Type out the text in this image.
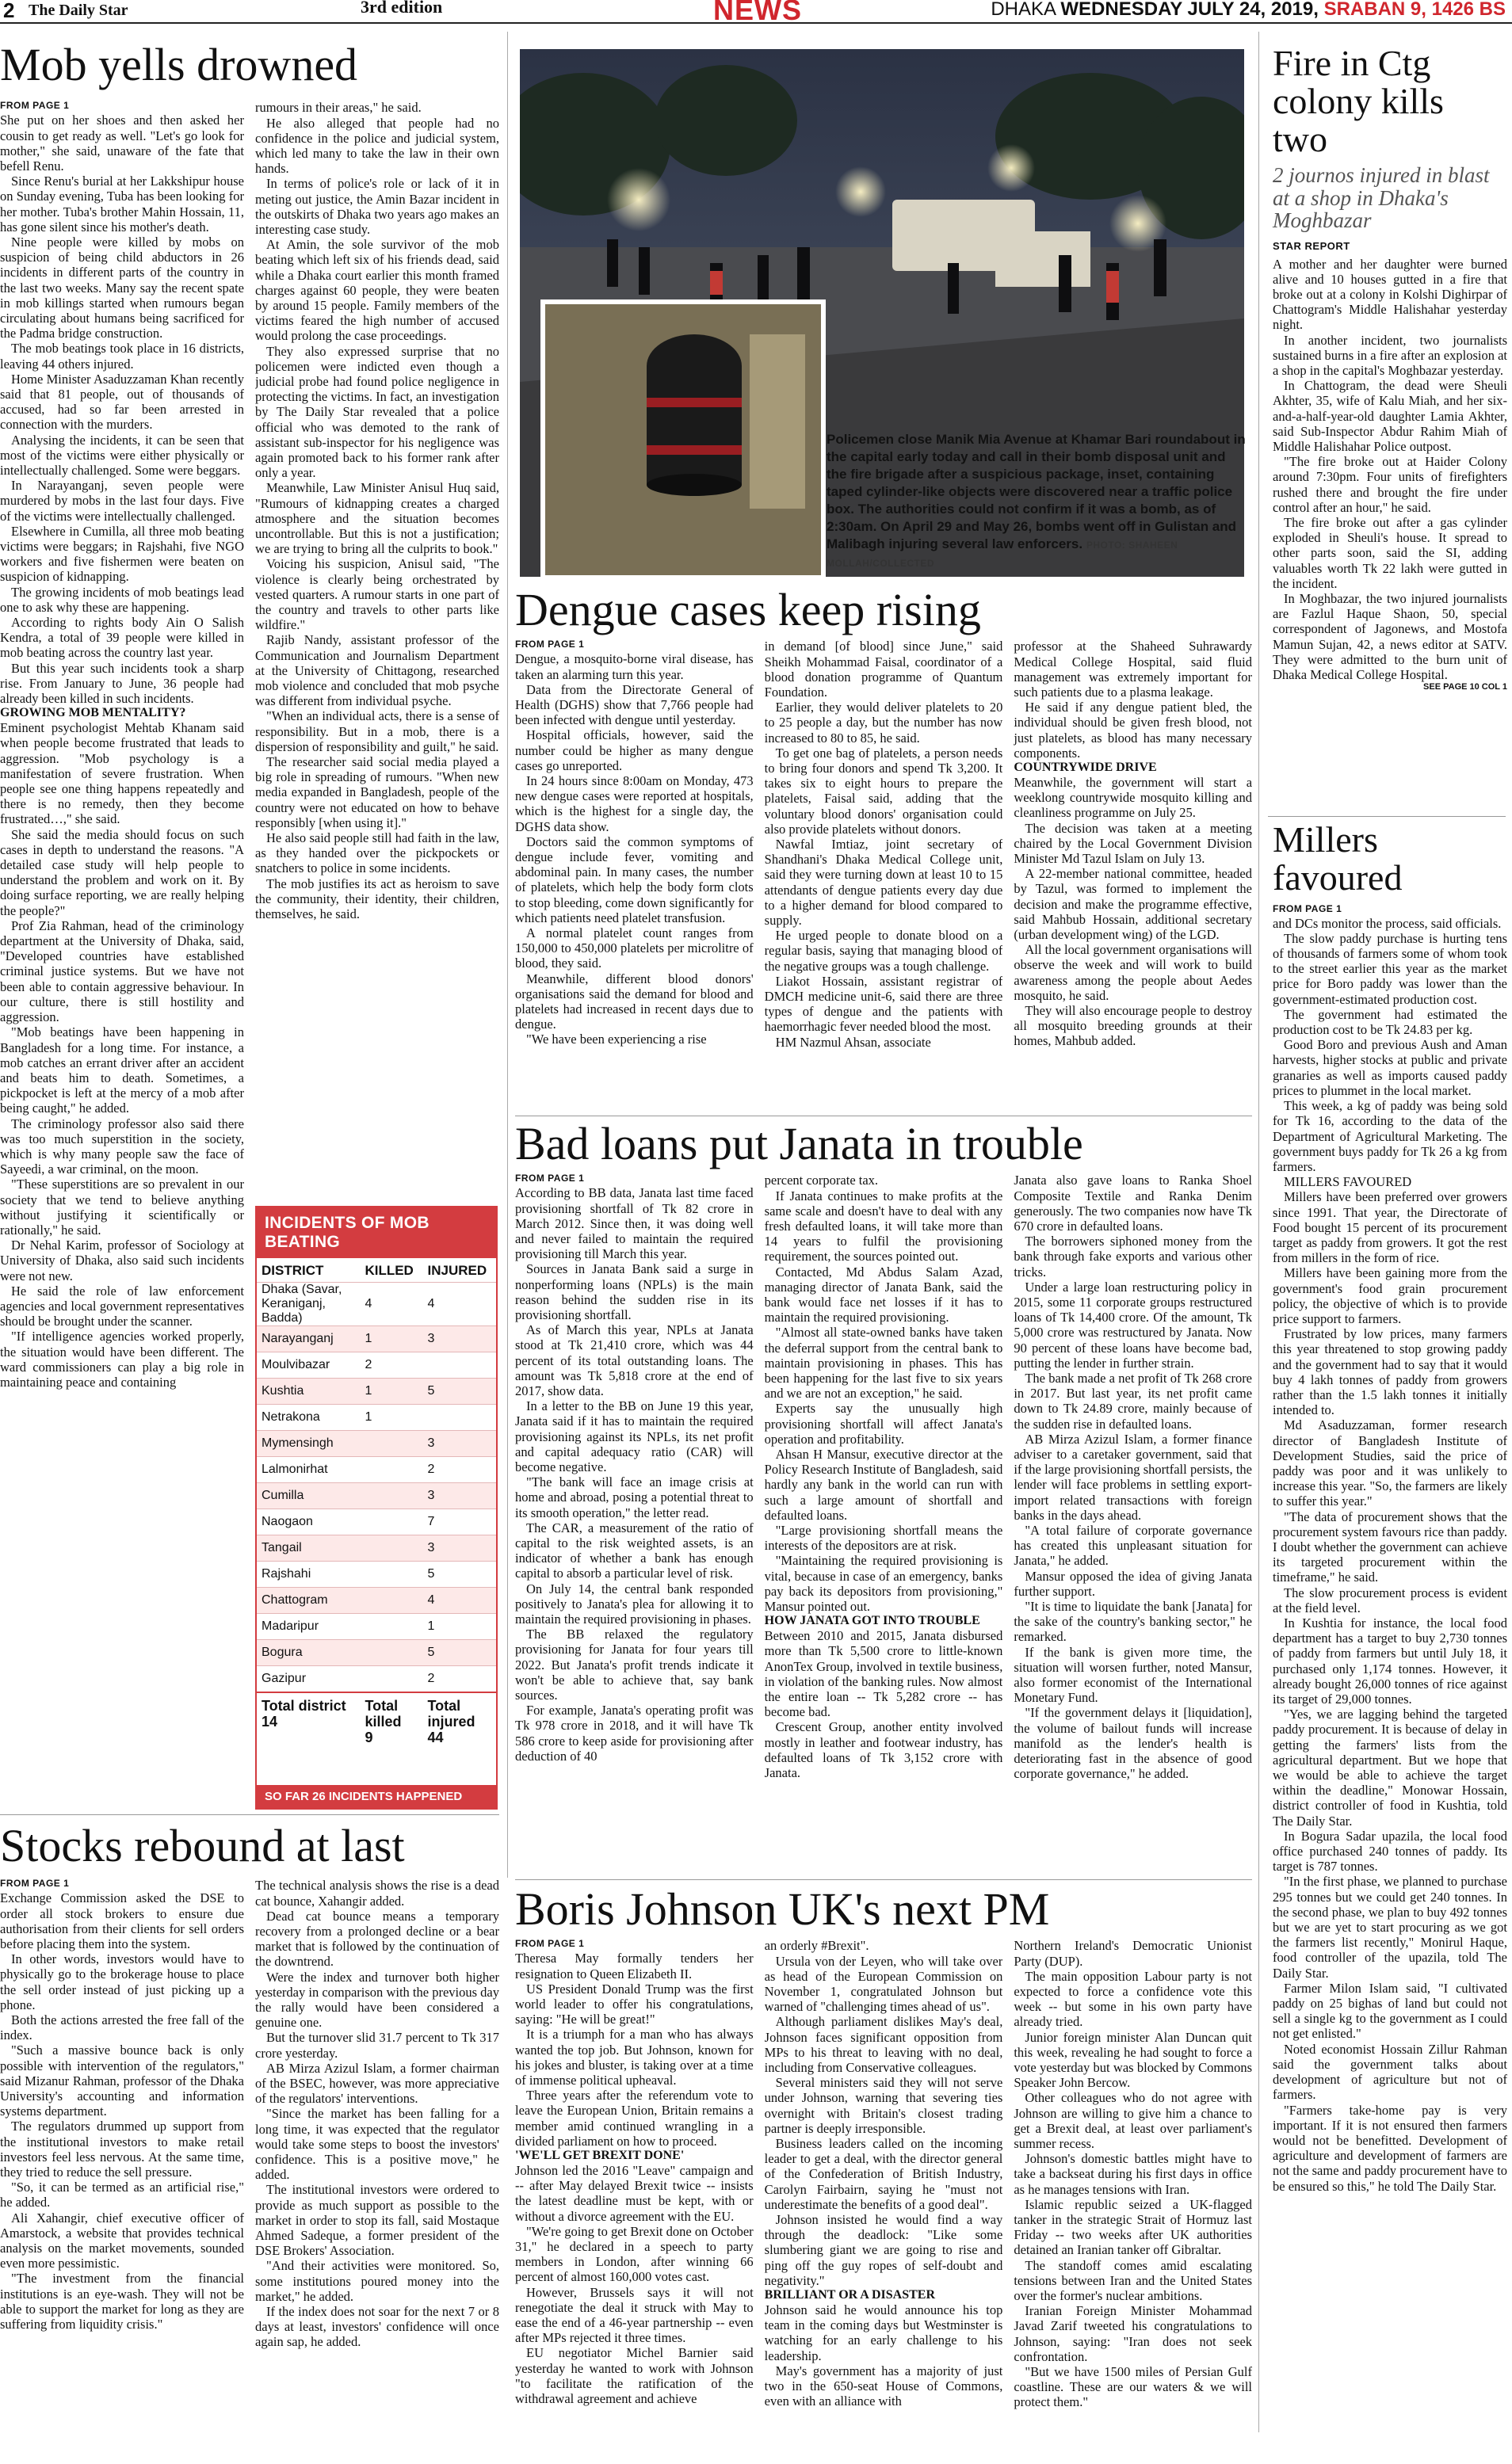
2 The Daily Star	3rd edition	NEWS	DHAKA WEDNESDAY JULY 24, 2019, SRABAN 9, 1426 BS
Mob yells drowned

FROM PAGE 1

She put on her shoes and then asked her cousin to get ready as well. "Let's go look for mother," she said, unaware of the fate that befell Renu.

Since Renu's burial at her Lakkshipur house on Sunday evening, Tuba has been looking for her mother. Tuba's brother Mahin Hossain, 11, has gone silent since his mother's death.

Nine people were killed by mobs on suspicion of being child abductors in 26 incidents in different parts of the country in the last two weeks. Many say the recent spate in mob killings started when rumours began circulating about humans being sacrificed for the Padma bridge construction.

The mob beatings took place in 16 districts, leaving 44 others injured.

Home Minister Asaduzzaman Khan recently said that 81 people, out of thousands of accused, had so far been arrested in connection with the murders.

Analysing the incidents, it can be seen that most of the victims were either physically or intellectually challenged. Some were beggars.

In Narayanganj, seven people were murdered by mobs in the last four days. Five of the victims were intellectually challenged.

Elsewhere in Cumilla, all three mob beating victims were beggars; in Rajshahi, five NGO workers and five fishermen were beaten on suspicion of kidnapping.

The growing incidents of mob beatings lead one to ask why these are happening.

According to rights body Ain O Salish Kendra, a total of 39 people were killed in mob beating across the country last year.

But this year such incidents took a sharp rise. From January to June, 36 people had already been killed in such incidents.

GROWING MOB MENTALITY?

Eminent psychologist Mehtab Khanam said when people become frustrated that leads to aggression. "Mob psychology is a manifestation of severe frustration. When people see one thing happens repeatedly and there is no remedy, then they become frustrated…," she said.

She said the media should focus on such cases in depth to understand the reasons. "A detailed case study will help people to understand the problem and work on it. By doing surface reporting, we are really helping the people?"

Prof Zia Rahman, head of the criminology department at the University of Dhaka, said, "Developed countries have established criminal justice systems. But we have not been able to contain aggressive behaviour. In our culture, there is still hostility and aggression.

"Mob beatings have been happening in Bangladesh for a long time. For instance, a mob catches an errant driver after an accident and beats him to death. Sometimes, a pickpocket is left at the mercy of a mob after being caught," he added.

The criminology professor also said there was too much superstition in the society, which is why many people saw the face of Sayeedi, a war criminal, on the moon.

"These superstitions are so prevalent in our society that we tend to believe anything without justifying it scientifically or rationally," he said.

Dr Nehal Karim, professor of Sociology at University of Dhaka, also said such incidents were not new.

He said the role of law enforcement agencies and local government representatives should be brought under the scanner.

"If intelligence agencies worked properly, the situation would have been different. The ward commissioners can play a big role in maintaining peace and containing

rumours in their areas," he said.

He also alleged that people had no confidence in the police and judicial system, which led many to take the law in their own hands.

In terms of police's role or lack of it in meting out justice, the Amin Bazar incident in the outskirts of Dhaka two years ago makes an interesting case study.

At Amin, the sole survivor of the mob beating which left six of his friends dead, said while a Dhaka court earlier this month framed charges against 60 people, they were beaten by around 15 people. Family members of the victims feared the high number of accused would prolong the case proceedings.

They also expressed surprise that no policemen were indicted even though a judicial probe had found police negligence in protecting the victims. In fact, an investigation by The Daily Star revealed that a police official who was demoted to the rank of assistant sub-inspector for his negligence was again promoted back to his former rank after only a year.

Meanwhile, Law Minister Anisul Huq said, "Rumours of kidnapping creates a charged atmosphere and the situation becomes uncontrollable. But this is not a justification; we are trying to bring all the culprits to book."

Voicing his suspicion, Anisul said, "The violence is clearly being orchestrated by vested quarters. A rumour starts in one part of the country and travels to other parts like wildfire."

Rajib Nandy, assistant professor of the Communication and Journalism Department at the University of Chittagong, researched mob violence and concluded that mob psyche was different from individual psyche.

"When an individual acts, there is a sense of responsibility. But in a mob, there is a dispersion of responsibility and guilt," he said.

The researcher said social media played a big role in spreading of rumours. "When new media expanded in Bangladesh, people of the country were not educated on how to behave responsibly [when using it]."

He also said people still had faith in the law, as they handed over the pickpockets or snatchers to police in some incidents.

The mob justifies its act as heroism to save the community, their identity, their children, themselves, he said.

INCIDENTS OF MOB BEATING
DISTRICT	KILLED	INJURED
Dhaka (Savar, Keraniganj, Badda)	4	4
Narayanganj	1	3
Moulvibazar	2	
Kushtia	1	5
Netrakona	1	
Mymensingh		3
Lalmonirhat		2
Cumilla		3
Naogaon		7
Tangail		3
Rajshahi		5
Chattogram		4
Madaripur		1
Bogura		5
Gazipur		2
Total district
14	Total killed
9	Total injured
44
SO FAR 26 INCIDENTS HAPPENED
Stocks rebound at last

FROM PAGE 1

Exchange Commission asked the DSE to order all stock brokers to ensure due authorisation from their clients for sell orders before placing them into the system.

In other words, investors would have to physically go to the brokerage house to place the sell order instead of just picking up a phone.

Both the actions arrested the free fall of the index.

"Such a massive bounce back is only possible with intervention of the regulators," said Mizanur Rahman, professor of the Dhaka University's accounting and information systems department.

The regulators drummed up support from the institutional investors to make retail investors feel less nervous. At the same time, they tried to reduce the sell pressure.

"So, it can be termed as an artificial rise," he added.

Ali Xahangir, chief executive officer of Amarstock, a website that provides technical analysis on the market movements, sounded even more pessimistic.

"The investment from the financial institutions is an eye-wash. They will not be able to support the market for long as they are suffering from liquidity crisis."

The technical analysis shows the rise is a dead cat bounce, Xahangir added.

Dead cat bounce means a temporary recovery from a prolonged decline or a bear market that is followed by the continuation of the downtrend.

Were the index and turnover both higher yesterday in comparison with the previous day the rally would have been considered a genuine one.

But the turnover slid 31.7 percent to Tk 317 crore yesterday.

AB Mirza Azizul Islam, a former chairman of the BSEC, however, was more appreciative of the regulators' interventions.

"Since the market has been falling for a long time, it was expected that the regulator would take some steps to boost the investors' confidence. This is a positive move," he added.

The institutional investors were ordered to provide as much support as possible to the market in order to stop its fall, said Mostaque Ahmed Sadeque, a former president of the DSE Brokers' Association.

"And their activities were monitored. So, some institutions poured money into the market," he added.

If the index does not soar for the next 7 or 8 days at least, investors' confidence will once again sap, he added.

Policemen close Manik Mia Avenue at Khamar Bari roundabout in the capital early today and call in their bomb disposal unit and the fire brigade after a suspicious package, inset, containing taped cylinder-like objects were discovered near a traffic police box. The authorities could not confirm if it was a bomb, as of 2:30am. On April 29 and May 26, bombs went off in Gulistan and Malibagh injuring several law enforcers. PHOTO: SHAHEEN MOLLAH/COLLECTED
Dengue cases keep rising

FROM PAGE 1

Dengue, a mosquito-borne viral disease, has taken an alarming turn this year.

Data from the Directorate General of Health (DGHS) show that 7,766 people had been infected with dengue until yesterday.

Hospital officials, however, said the number could be higher as many dengue cases go unreported.

In 24 hours since 8:00am on Monday, 473 new dengue cases were reported at hospitals, which is the highest for a single day, the DGHS data show.

Doctors said the common symptoms of dengue include fever, vomiting and abdominal pain. In many cases, the number of platelets, which help the body form clots to stop bleeding, come down significantly for which patients need platelet transfusion.

A normal platelet count ranges from 150,000 to 450,000 platelets per microlitre of blood, they said.

Meanwhile, different blood donors' organisations said the demand for blood and platelets had increased in recent days due to dengue.

"We have been experiencing a rise

in demand [of blood] since June," said Sheikh Mohammad Faisal, coordinator of a blood donation programme of Quantum Foundation.

Earlier, they would deliver platelets to 20 to 25 people a day, but the number has now increased to 80 to 85, he said.

To get one bag of platelets, a person needs to bring four donors and spend Tk 3,200. It takes six to eight hours to prepare the platelets, Faisal said, adding that the voluntary blood donors' organisation could also provide platelets without donors.

Nawfal Imtiaz, joint secretary of Shandhani's Dhaka Medical College unit, said they were turning down at least 10 to 15 attendants of dengue patients every day due to a higher demand for blood compared to supply.

He urged people to donate blood on a regular basis, saying that managing blood of the negative groups was a tough challenge.

Liakot Hossain, assistant registrar of DMCH medicine unit-6, said there are three types of dengue and the patients with haemorrhagic fever needed blood the most.

HM Nazmul Ahsan, associate

professor at the Shaheed Suhrawardy Medical College Hospital, said fluid management was extremely important for such patients due to a plasma leakage.

He said if any dengue patient bled, the individual should be given fresh blood, not just platelets, as blood has many necessary components.

COUNTRYWIDE DRIVE

Meanwhile, the government will start a weeklong countrywide mosquito killing and cleanliness programme on July 25.

The decision was taken at a meeting chaired by the Local Government Division Minister Md Tazul Islam on July 13.

A 22-member national committee, headed by Tazul, was formed to implement the decision and make the programme effective, said Mahbub Hossain, additional secretary (urban development wing) of the LGD.

All the local government organisations will observe the week and will work to build awareness among the people about Aedes mosquito, he said.

They will also encourage people to destroy all mosquito breeding grounds at their homes, Mahbub added.

Bad loans put Janata in trouble

FROM PAGE 1

According to BB data, Janata last time faced provisioning shortfall of Tk 82 crore in March 2012. Since then, it was doing well and never failed to maintain the required provisioning till March this year.

Sources in Janata Bank said a surge in nonperforming loans (NPLs) is the main reason behind the sudden rise in its provisioning shortfall.

As of March this year, NPLs at Janata stood at Tk 21,410 crore, which was 44 percent of its total outstanding loans. The amount was Tk 5,818 crore at the end of 2017, show data.

In a letter to the BB on June 19 this year, Janata said if it has to maintain the required provisioning against its NPLs, its net profit and capital adequacy ratio (CAR) will become negative.

"The bank will face an image crisis at home and abroad, posing a potential threat to its smooth operation," the letter read.

The CAR, a measurement of the ratio of capital to the risk weighted assets, is an indicator of whether a bank has enough capital to absorb a particular level of risk.

On July 14, the central bank responded positively to Janata's plea for allowing it to maintain the required provisioning in phases.

The BB relaxed the regulatory provisioning for Janata for four years till 2022. But Janata's profit trends indicate it won't be able to achieve that, say bank sources.

For example, Janata's operating profit was Tk 978 crore in 2018, and it will have Tk 586 crore to keep aside for provisioning after deduction of 40

percent corporate tax.

If Janata continues to make profits at the same scale and doesn't have to deal with any fresh defaulted loans, it will take more than 14 years to fulfil the provisioning requirement, the sources pointed out.

Contacted, Md Abdus Salam Azad, managing director of Janata Bank, said the bank would face net losses if it has to maintain the required provisioning.

"Almost all state-owned banks have taken the deferral support from the central bank to maintain provisioning in phases. This has been happening for the last five to six years and we are not an exception," he said.

Experts say the unusually high provisioning shortfall will affect Janata's operation and profitability.

Ahsan H Mansur, executive director at the Policy Research Institute of Bangladesh, said hardly any bank in the world can run with such a large amount of shortfall and defaulted loans.

"Large provisioning shortfall means the interests of the depositors are at risk.

"Maintaining the required provisioning is vital, because in case of an emergency, banks pay back its depositors from provisioning," Mansur pointed out.

HOW JANATA GOT INTO TROUBLE

Between 2010 and 2015, Janata disbursed more than Tk 5,500 crore to little-known AnonTex Group, involved in textile business, in violation of the banking rules. Now almost the entire loan -- Tk 5,282 crore -- has become bad.

Crescent Group, another entity involved mostly in leather and footwear industry, has defaulted loans of Tk 3,152 crore with Janata.

Janata also gave loans to Ranka Shoel Composite Textile and Ranka Denim generously. The two companies now have Tk 670 crore in defaulted loans.

The borrowers siphoned money from the bank through fake exports and various other tricks.

Under a large loan restructuring policy in 2015, some 11 corporate groups restructured loans of Tk 14,400 crore. Of the amount, Tk 5,000 crore was restructured by Janata. Now 90 percent of these loans have become bad, putting the lender in further strain.

The bank made a net profit of Tk 268 crore in 2017. But last year, its net profit came down to Tk 24.89 crore, mainly because of the sudden rise in defaulted loans.

AB Mirza Azizul Islam, a former finance adviser to a caretaker government, said that if the large provisioning shortfall persists, the lender will face problems in settling export-import related transactions with foreign banks in the days ahead.

"A total failure of corporate governance has created this unpleasant situation for Janata," he added.

Mansur opposed the idea of giving Janata further support.

"It is time to liquidate the bank [Janata] for the sake of the country's banking sector," he remarked.

If the bank is given more time, the situation will worsen further, noted Mansur, also former economist of the International Monetary Fund.

"If the government delays it [liquidation], the volume of bailout funds will increase manifold as the lender's health is deteriorating fast in the absence of good corporate governance," he added.

Boris Johnson UK's next PM

FROM PAGE 1

Theresa May formally tenders her resignation to Queen Elizabeth II.

US President Donald Trump was the first world leader to offer his congratulations, saying: "He will be great!"

It is a triumph for a man who has always wanted the top job. But Johnson, known for his jokes and bluster, is taking over at a time of immense political upheaval.

Three years after the referendum vote to leave the European Union, Britain remains a member amid continued wrangling in a divided parliament on how to proceed.

'WE'LL GET BREXIT DONE'

Johnson led the 2016 "Leave" campaign and -- after May delayed Brexit twice -- insists the latest deadline must be kept, with or without a divorce agreement with the EU.

"We're going to get Brexit done on October 31," he declared in a speech to party members in London, after winning 66 percent of almost 160,000 votes cast.

However, Brussels says it will not renegotiate the deal it struck with May to ease the end of a 46-year partnership -- even after MPs rejected it three times.

EU negotiator Michel Barnier said yesterday he wanted to work with Johnson "to facilitate the ratification of the withdrawal agreement and achieve

an orderly #Brexit".

Ursula von der Leyen, who will take over as head of the European Commission on November 1, congratulated Johnson but warned of "challenging times ahead of us".

Although parliament dislikes May's deal, Johnson faces significant opposition from MPs to his threat to leaving with no deal, including from Conservative colleagues.

Several ministers said they will not serve under Johnson, warning that severing ties overnight with Britain's closest trading partner is deeply irresponsible.

Business leaders called on the incoming leader to get a deal, with the director general of the Confederation of British Industry, Carolyn Fairbairn, saying he "must not underestimate the benefits of a good deal".

Johnson insisted he would find a way through the deadlock: "Like some slumbering giant we are going to rise and ping off the guy ropes of self-doubt and negativity."

BRILLIANT OR A DISASTER

Johnson said he would announce his top team in the coming days but Westminster is watching for an early challenge to his leadership.

May's government has a majority of just two in the 650-seat House of Commons, even with an alliance with

Northern Ireland's Democratic Unionist Party (DUP).

The main opposition Labour party is not expected to force a confidence vote this week -- but some in his own party have already tried.

Junior foreign minister Alan Duncan quit this week, revealing he had sought to force a vote yesterday but was blocked by Commons Speaker John Bercow.

Other colleagues who do not agree with Johnson are willing to give him a chance to get a Brexit deal, at least over parliament's summer recess.

Johnson's domestic battles might have to take a backseat during his first days in office as he manages tensions with Iran.

Islamic republic seized a UK-flagged tanker in the strategic Strait of Hormuz last Friday -- two weeks after UK authorities detained an Iranian tanker off Gibraltar.

The standoff comes amid escalating tensions between Iran and the United States over the former's nuclear ambitions.

Iranian Foreign Minister Mohammad Javad Zarif tweeted his congratulations to Johnson, saying: "Iran does not seek confrontation.

"But we have 1500 miles of Persian Gulf coastline. These are our waters & we will protect them."

Fire in Ctg colony kills two
2 journos injured in blast at a shop in Dhaka's Moghbazar
STAR REPORT

A mother and her daughter were burned alive and 10 houses gutted in a fire that broke out at a colony in Kolshi Dighirpar of Chattogram's Middle Halishahar yesterday night.

In another incident, two journalists sustained burns in a fire after an explosion at a shop in the capital's Moghbazar yesterday.

In Chattogram, the dead were Sheuli Akhter, 35, wife of Kalu Miah, and her six-and-a-half-year-old daughter Lamia Akhter, said Sub-Inspector Abdur Rahim Miah of Middle Halishahar Police outpost.

"The fire broke out at Haider Colony around 7:30pm. Four units of firefighters rushed there and brought the fire under control after an hour," he said.

The fire broke out after a gas cylinder exploded in Sheuli's house. It spread to other parts soon, said the SI, adding valuables worth Tk 22 lakh were gutted in the incident.

In Moghbazar, the two injured journalists are Fazlul Haque Shaon, 50, special correspondent of Jagonews, and Mostofa Mamun Sujan, 42, a news editor at SATV. They were admitted to the burn unit of Dhaka Medical College Hospital.

SEE PAGE 10 COL 1

Millers favoured

FROM PAGE 1

and DCs monitor the process, said officials.

The slow paddy purchase is hurting tens of thousands of farmers some of whom took to the street earlier this year as the market price for Boro paddy was lower than the government-estimated production cost.

The government had estimated the production cost to be Tk 24.83 per kg.

Good Boro and previous Aush and Aman harvests, higher stocks at public and private granaries as well as imports caused paddy prices to plummet in the local market.

This week, a kg of paddy was being sold for Tk 16, according to the data of the Department of Agricultural Marketing. The government buys paddy for Tk 26 a kg from farmers.

MILLERS FAVOURED

Millers have been preferred over growers since 1991. That year, the Directorate of Food bought 15 percent of its procurement target as paddy from growers. It got the rest from millers in the form of rice.

Millers have been gaining more from the government's food grain procurement policy, the objective of which is to provide price support to farmers.

Frustrated by low prices, many farmers this year threatened to stop growing paddy and the government had to say that it would buy 4 lakh tonnes of paddy from growers rather than the 1.5 lakh tonnes it initially intended to.

Md Asaduzzaman, former research director of Bangladesh Institute of Development Studies, said the price of paddy was poor and it was unlikely to increase this year. "So, the farmers are likely to suffer this year."

"The data of procurement shows that the procurement system favours rice than paddy. I doubt whether the government can achieve its targeted procurement within the timeframe," he said.

The slow procurement process is evident at the field level.

In Kushtia for instance, the local food department has a target to buy 2,730 tonnes of paddy from farmers but until July 18, it purchased only 1,174 tonnes. However, it already bought 26,000 tonnes of rice against its target of 29,000 tonnes.

"Yes, we are lagging behind the targeted paddy procurement. It is because of delay in getting the farmers' lists from the agricultural department. But we hope that we would be able to achieve the target within the deadline," Monowar Hossain, district controller of food in Kushtia, told The Daily Star.

In Bogura Sadar upazila, the local food office purchased 240 tonnes of paddy. Its target is 787 tonnes.

"In the first phase, we planned to purchase 295 tonnes but we could get 240 tonnes. In the second phase, we plan to buy 492 tonnes but we are yet to start procuring as we got the farmers list recently," Monirul Haque, food controller of the upazila, told The Daily Star.

Farmer Milon Islam said, "I cultivated paddy on 25 bighas of land but could not sell a single kg to the government as I could not get enlisted."

Noted economist Hossain Zillur Rahman said the government talks about development of agriculture but not of farmers.

"Farmers take-home pay is very important. If it is not ensured then farmers would not be benefitted. Development of agriculture and development of farmers are not the same and paddy procurement have to be ensured so this," he told The Daily Star.
